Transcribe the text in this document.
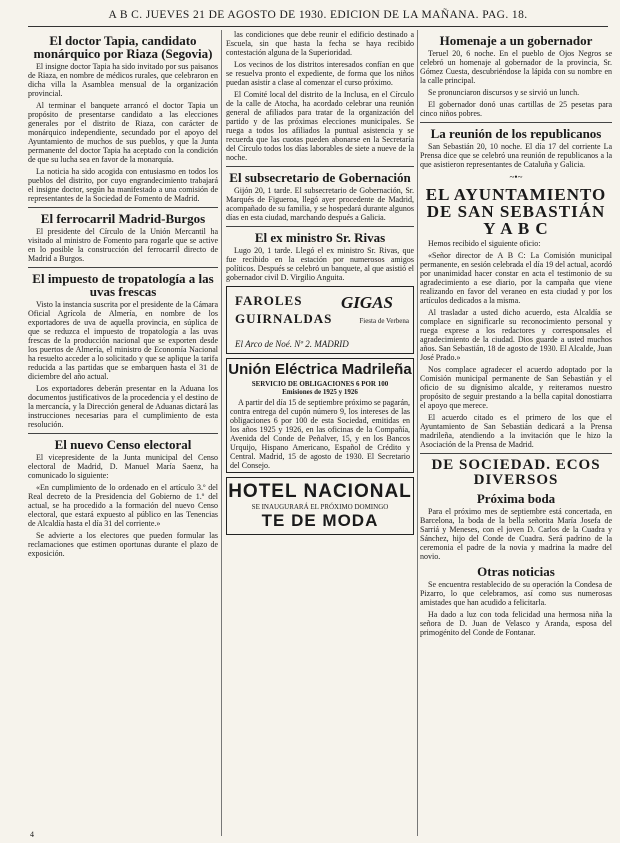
A B C. JUEVES 21 DE AGOSTO DE 1930. EDICION DE LA MAÑANA. PAG. 18.
El doctor Tapia, candidato monárquico por Riaza (Segovia)

El insigne doctor Tapia ha sido invitado por sus paisanos de Riaza, en nombre de médicos rurales, que celebraron en dicha villa la Asamblea mensual de la organización provincial.

Al terminar el banquete arrancó el doctor Tapia un propósito de presentarse candidato a las elecciones generales por el distrito de Riaza, con carácter de monárquico independiente, secundado por el apoyo del Ayuntamiento de muchos de sus pueblos, y que la Junta permanente del doctor Tapia ha aceptado con la condición de que su lucha sea en favor de la monarquía.

La noticia ha sido acogida con entusiasmo en todos los pueblos del distrito, por cuyo engrandecimiento trabajará el insigne doctor, según ha manifestado a una comisión de representantes de la Sociedad de Fomento de Madrid.

El ferrocarril Madrid-Burgos

El presidente del Círculo de la Unión Mercantil ha visitado al ministro de Fomento para rogarle que se active en lo posible la construcción del ferrocarril directo de Madrid a Burgos.

El impuesto de tropatología a las uvas frescas

Visto la instancia suscrita por el presidente de la Cámara Oficial Agrícola de Almería, en nombre de los exportadores de uva de aquella provincia, en súplica de que se reduzca el impuesto de tropatología a las uvas frescas de la producción nacional que se exporten desde los puertos de Almería, el ministro de Economía Nacional ha resuelto acceder a lo solicitado y que se aplique la tarifa reducida a las partidas que se embarquen hasta el 31 de diciembre del año actual.

Los exportadores deberán presentar en la Aduana los documentos justificativos de la procedencia y el destino de la mercancía, y la Dirección general de Aduanas dictará las instrucciones necesarias para el cumplimiento de esta resolución.

El nuevo Censo electoral

El vicepresidente de la Junta municipal del Censo electoral de Madrid, D. Manuel María Saenz, ha comunicado lo siguiente:

«En cumplimiento de lo ordenado en el artículo 3.º del Real decreto de la Presidencia del Gobierno de 1.º del actual, se ha procedido a la formación del nuevo Censo electoral, que estará expuesto al público en las Tenencias de Alcaldía hasta el día 31 del corriente.»

Se advierte a los electores que pueden formular las reclamaciones que estimen oportunas durante el plazo de exposición.

las condiciones que debe reunir el edificio destinado a Escuela, sin que hasta la fecha se haya recibido contestación alguna de la Superioridad.

Los vecinos de los distritos interesados confían en que se resuelva pronto el expediente, de forma que los niños puedan asistir a clase al comenzar el curso próximo.

El Comité local del distrito de la Inclusa, en el Círculo de la calle de Atocha, ha acordado celebrar una reunión general de afiliados para tratar de la organización del partido y de las próximas elecciones municipales. Se ruega a todos los afiliados la puntual asistencia y se recuerda que las cuotas pueden abonarse en la Secretaría del Círculo todos los días laborables de siete a nueve de la noche.

El subsecretario de Gobernación

Gijón 20, 1 tarde. El subsecretario de Gobernación, Sr. Marqués de Figueroa, llegó ayer procedente de Madrid, acompañado de su familia, y se hospedará durante algunos días en esta ciudad, marchando después a Galicia.

El ex ministro Sr. Rivas

Lugo 20, 1 tarde. Llegó el ex ministro Sr. Rivas, que fue recibido en la estación por numerosos amigos políticos. Después se celebró un banquete, al que asistió el gobernador civil D. Virgilio Anguita.

FAROLES
GUIRNALDAS
GIGAS
Fiesta de Verbena
El Arco de Noé. Nº 2. MADRID
Unión Eléctrica Madrileña
SERVICIO DE OBLIGACIONES 6 POR 100
Emisiones de 1925 y 1926

A partir del día 15 de septiembre próximo se pagarán, contra entrega del cupón número 9, los intereses de las obligaciones 6 por 100 de esta Sociedad, emitidas en los años 1925 y 1926, en las oficinas de la Compañía, Avenida del Conde de Peñalver, 15, y en los Bancos Urquijo, Hispano Americano, Español de Crédito y Central. Madrid, 15 de agosto de 1930. El Secretario del Consejo.

HOTEL NACIONAL
SE INAUGURARÁ EL PRÓXIMO DOMINGO
TE DE MODA
Homenaje a un gobernador

Teruel 20, 6 noche. En el pueblo de Ojos Negros se celebró un homenaje al gobernador de la provincia, Sr. Gómez Cuesta, descubriéndose la lápida con su nombre en la calle principal.

Se pronunciaron discursos y se sirvió un lunch.

El gobernador donó unas cartillas de 25 pesetas para cinco niños pobres.

La reunión de los republicanos

San Sebastián 20, 10 noche. El día 17 del corriente La Prensa dice que se celebró una reunión de republicanos a la que asistieron representantes de Cataluña y Galicia.

~•~
EL AYUNTAMIENTO DE SAN SEBASTIÁN Y A B C

Hemos recibido el siguiente oficio:

«Señor director de A B C: La Comisión municipal permanente, en sesión celebrada el día 19 del actual, acordó por unanimidad hacer constar en acta el testimonio de su agradecimiento a ese diario, por la campaña que viene realizando en favor del veraneo en esta ciudad y por los artículos dedicados a la misma.

Al trasladar a usted dicho acuerdo, esta Alcaldía se complace en significarle su reconocimiento personal y ruega exprese a los redactores y corresponsales el agradecimiento de la ciudad. Dios guarde a usted muchos años. San Sebastián, 18 de agosto de 1930. El Alcalde, Juan José Prado.»

Nos complace agradecer el acuerdo adoptado por la Comisión municipal permanente de San Sebastián y el oficio de su dignísimo alcalde, y reiteramos nuestro propósito de seguir prestando a la bella capital donostiarra el apoyo que merece.

El acuerdo citado es el primero de los que el Ayuntamiento de San Sebastián dedicará a la Prensa madrileña, atendiendo a la invitación que le hizo la Asociación de la Prensa de Madrid.

DE SOCIEDAD. ECOS DIVERSOS
Próxima boda

Para el próximo mes de septiembre está concertada, en Barcelona, la boda de la bella señorita María Josefa de Sarriá y Meneses, con el joven D. Carlos de la Cuadra y Sánchez, hijo del Conde de Cuadra. Será padrino de la ceremonia el padre de la novia y madrina la madre del novio.

Otras noticias

Se encuentra restablecido de su operación la Condesa de Pizarro, lo que celebramos, así como sus numerosas amistades que han acudido a felicitarla.

Ha dado a luz con toda felicidad una hermosa niña la señora de D. Juan de Velasco y Aranda, esposa del primogénito del Conde de Fontanar.

4
